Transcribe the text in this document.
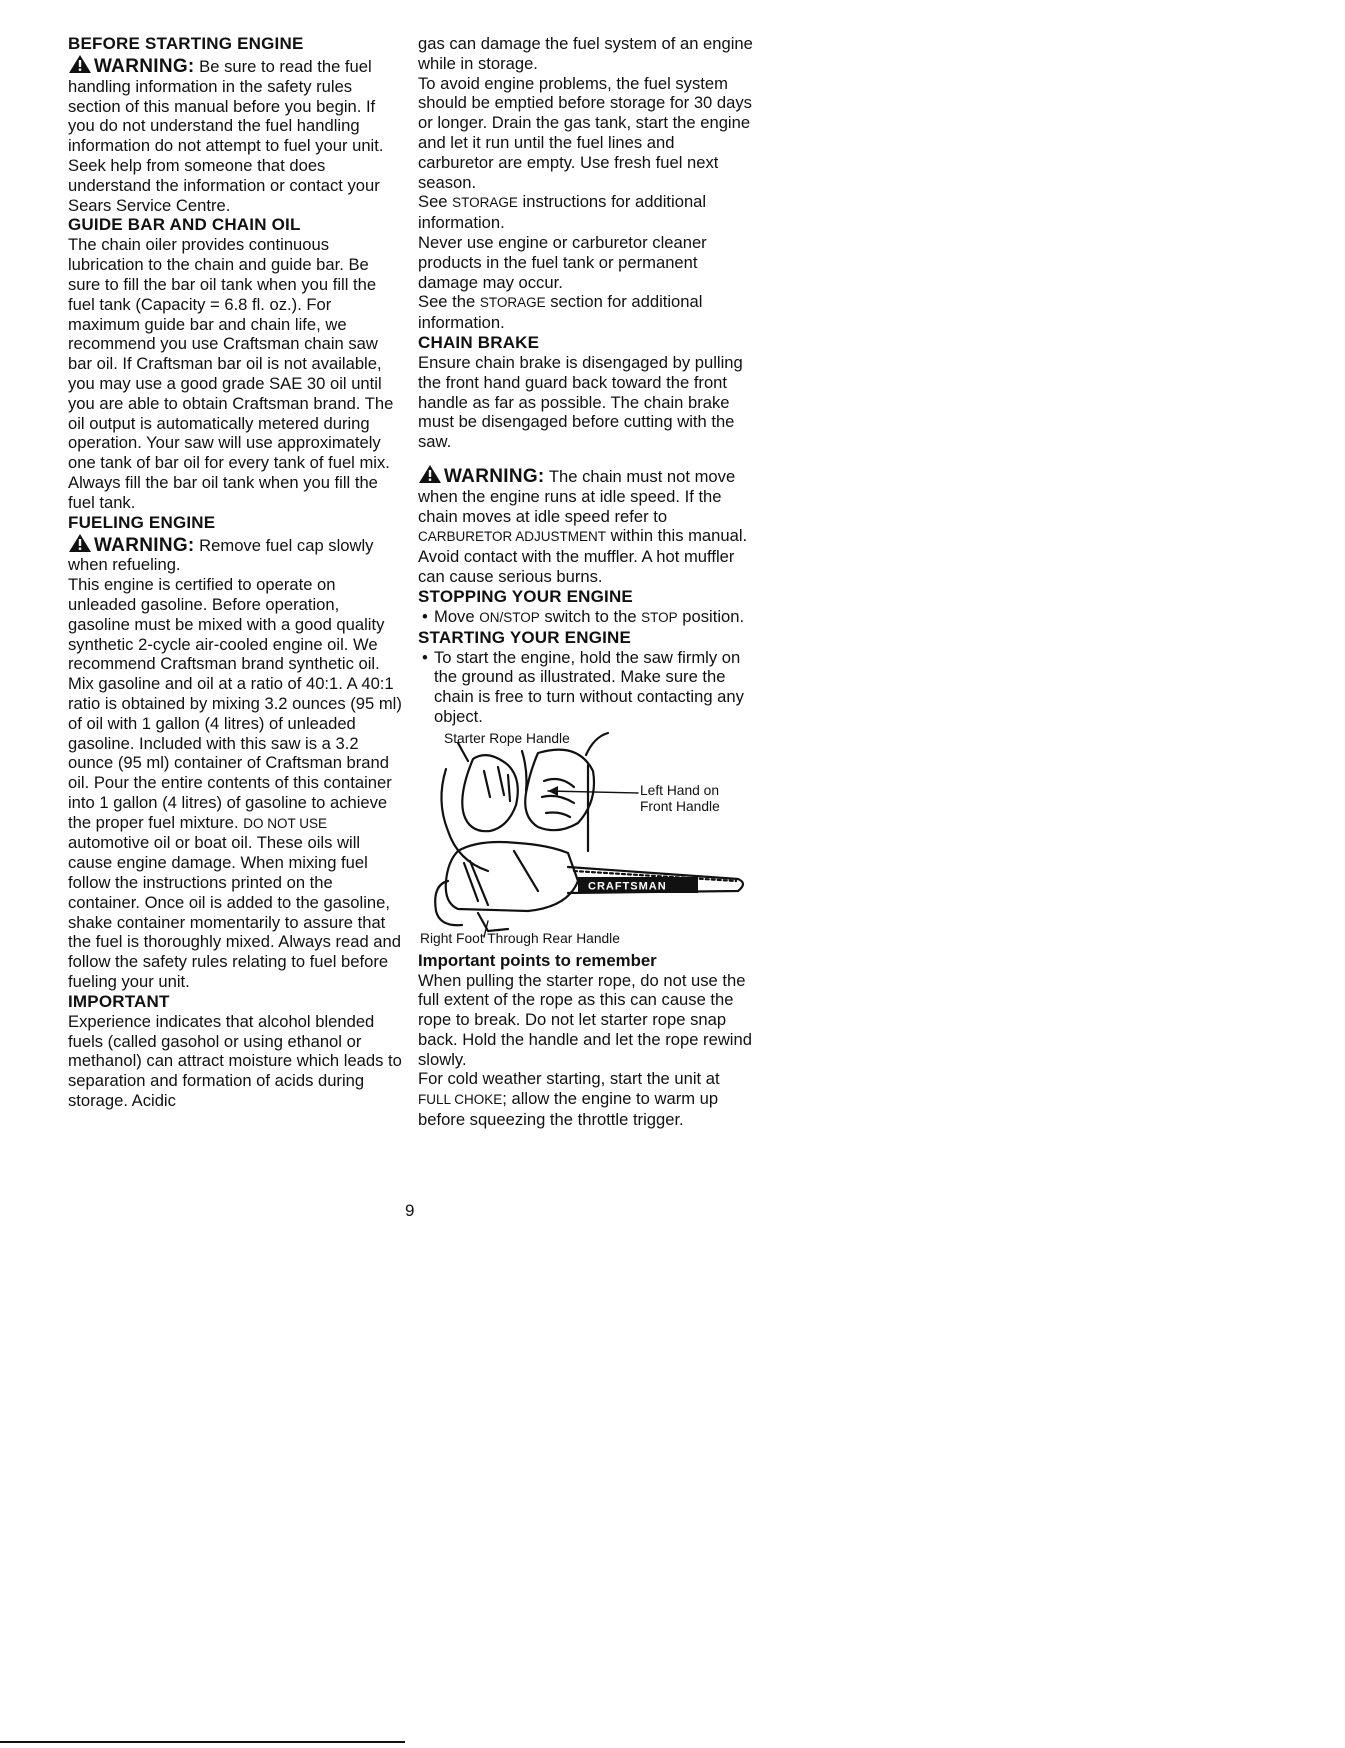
BEFORE STARTING ENGINE

WARNING: Be sure to read the fuel handling information in the safety rules section of this manual before you begin. If you do not understand the fuel handling information do not attempt to fuel your unit. Seek help from someone that does understand the information or contact your Sears Service Centre.

GUIDE BAR AND CHAIN OIL

The chain oiler provides continuous lubrication to the chain and guide bar. Be sure to fill the bar oil tank when you fill the fuel tank (Capacity = 6.8 fl. oz.). For maximum guide bar and chain life, we recommend you use Craftsman chain saw bar oil. If Craftsman bar oil is not available, you may use a good grade SAE 30 oil until you are able to obtain Craftsman brand. The oil output is automatically metered during operation. Your saw will use approximately one tank of bar oil for every tank of fuel mix. Always fill the bar oil tank when you fill the fuel tank.

FUELING ENGINE

WARNING: Remove fuel cap slowly when refueling.

This engine is certified to operate on unleaded gasoline. Before operation, gasoline must be mixed with a good quality synthetic 2-cycle air-cooled engine oil. We recommend Craftsman brand synthetic oil. Mix gasoline and oil at a ratio of 40:1. A 40:1 ratio is obtained by mixing 3.2 ounces (95 ml) of oil with 1 gallon (4 litres) of unleaded gasoline. Included with this saw is a 3.2 ounce (95 ml) container of Craftsman brand oil. Pour the entire contents of this container into 1 gallon (4 litres) of gasoline to achieve the proper fuel mixture. DO NOT USE automotive oil or boat oil. These oils will cause engine damage. When mixing fuel follow the instructions printed on the container. Once oil is added to the gasoline, shake container momentarily to assure that the fuel is thoroughly mixed. Always read and follow the safety rules relating to fuel before fueling your unit.

IMPORTANT

Experience indicates that alcohol blended fuels (called gasohol or using ethanol or methanol) can attract moisture which leads to separation and formation of acids during storage. Acidic

gas can damage the fuel system of an engine while in storage.

To avoid engine problems, the fuel system should be emptied before storage for 30 days or longer. Drain the gas tank, start the engine and let it run until the fuel lines and carburetor are empty. Use fresh fuel next season.

See STORAGE instructions for additional information.

Never use engine or carburetor cleaner products in the fuel tank or permanent damage may occur.

See the STORAGE section for additional information.

CHAIN BRAKE

Ensure chain brake is disengaged by pulling the front hand guard back toward the front handle as far as possible. The chain brake must be disengaged before cutting with the saw.

WARNING: The chain must not move when the engine runs at idle speed. If the chain moves at idle speed refer to CARBURETOR ADJUSTMENT within this manual. Avoid contact with the muffler. A hot muffler can cause serious burns.

STOPPING YOUR ENGINE

• Move ON/STOP switch to the STOP position.

STARTING YOUR ENGINE

• To start the engine, hold the saw firmly on the ground as illustrated. Make sure the chain is free to turn without contacting any object.

Starter Rope Handle
CRAFTSMAN
Left Hand on Front Handle
Right Foot Through Rear Handle

Important points to remember

When pulling the starter rope, do not use the full extent of the rope as this can cause the rope to break. Do not let starter rope snap back. Hold the handle and let the rope rewind slowly.

For cold weather starting, start the unit at FULL CHOKE; allow the engine to warm up before squeezing the throttle trigger.

9
